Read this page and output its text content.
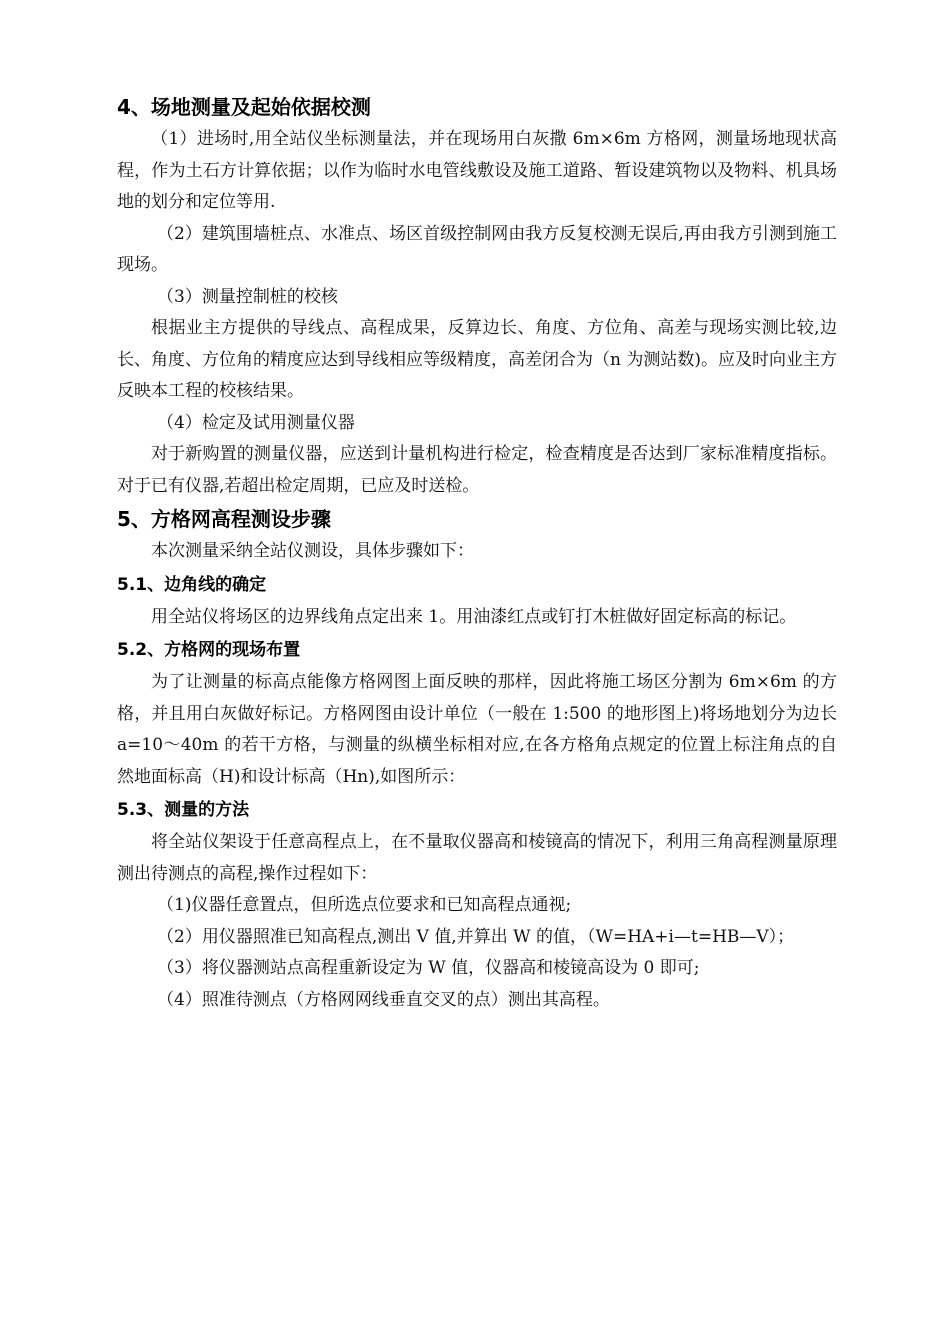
4、场地测量及起始依据校测
（1）进场时,用全站仪坐标测量法，并在现场用白灰撒 6m×6m 方格网，测量场地现状高程，作为土石方计算依据；以作为临时水电管线敷设及施工道路、暂设建筑物以及物料、机具场地的划分和定位等用.
（2）建筑围墙桩点、水准点、场区首级控制网由我方反复校测无误后,再由我方引测到施工现场。
（3）测量控制桩的校核
根据业主方提供的导线点、高程成果，反算边长、角度、方位角、高差与现场实测比较,边长、角度、方位角的精度应达到导线相应等级精度，高差闭合为（n 为测站数)。应及时向业主方反映本工程的校核结果。
（4）检定及试用测量仪器
对于新购置的测量仪器，应送到计量机构进行检定，检查精度是否达到厂家标准精度指标。对于已有仪器,若超出检定周期，已应及时送检。
5、方格网高程测设步骤
本次测量采纳全站仪测设，具体步骤如下：
5.1、边角线的确定
用全站仪将场区的边界线角点定出来 1。用油漆红点或钉打木桩做好固定标高的标记。
5.2、方格网的现场布置
为了让测量的标高点能像方格网图上面反映的那样，因此将施工场区分割为 6m×6m 的方格，并且用白灰做好标记。方格网图由设计单位（一般在 1:500 的地形图上)将场地划分为边长 a=10～40m 的若干方格，与测量的纵横坐标相对应,在各方格角点规定的位置上标注角点的自然地面标高（H)和设计标高（Hn),如图所示：
5.3、测量的方法
将全站仪架设于任意高程点上，在不量取仪器高和棱镜高的情况下，利用三角高程测量原理测出待测点的高程,操作过程如下：
（1)仪器任意置点，但所选点位要求和已知高程点通视;
（2）用仪器照准已知高程点,测出 V 值,并算出 W 的值，（W=HA+i—t=HB—V）；
（3）将仪器测站点高程重新设定为 W 值，仪器高和棱镜高设为 0 即可;
（4）照准待测点（方格网网线垂直交叉的点）测出其高程。
